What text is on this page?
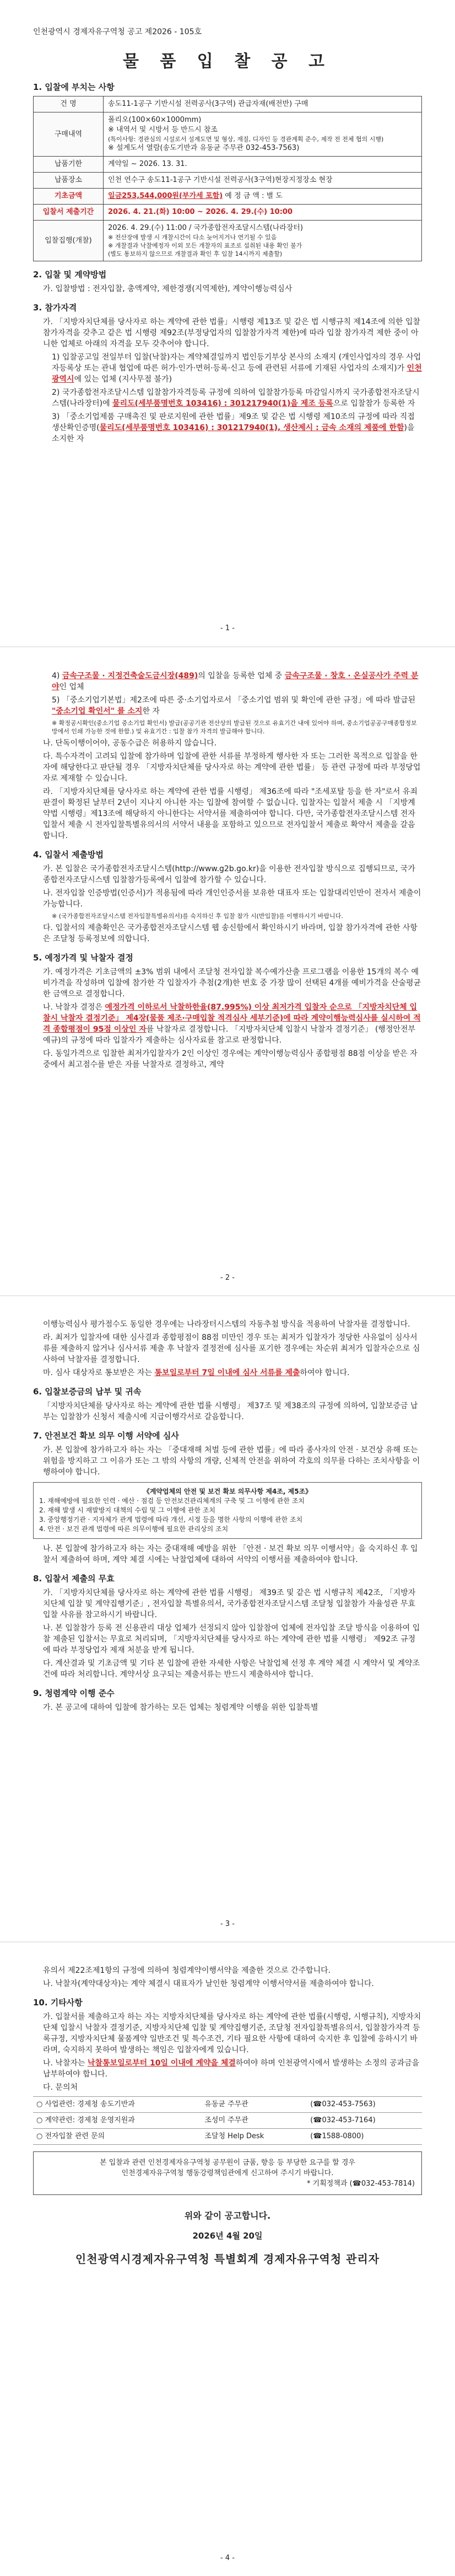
인천광역시 경제자유구역청 공고 제2026 - 105호
물 품 입 찰 공 고
1. 입찰에 부치는 사항
건 명	송도11-1공구 기반시설 전력공사(3구역) 관급자재(배전반) 구매
구매내역	폴리오(100×60×1000mm)
※ 내역서 및 시방서 등 반드시 참조
(특이사항: 경관심의 시설로서 설계도면 및 형상, 재질, 디자인 등 경관계획 준수, 제작 전 전체 협의 시행)
※ 설계도서 열람(송도기반과 유동균 주무관 032-453-7563)

납품기한	계약일 ~ 2026. 13. 31.
납품장소	인천 연수구 송도11-1공구 기반시설 전력공사(3구역)현장지정장소 현장
기초금액	일금253,544,000원(부가세 포함) 예 정 금 액 : 별 도
입찰서 제출기간	2026. 4. 21.(화) 10:00 ~ 2026. 4. 29.(수) 10:00
입찰집행(개찰)	2026. 4. 29.(수) 11:00 / 국가종합전자조달시스템(나라장터)
※ 전산장애 발생 시 개찰시간이 다소 늦어지거나 연기될 수 있음
※ 개찰결과 낙찰예정자 이외 모든 개찰자의 표조로 섭취된 내용 확인 불가
(별도 통보하지 않으므로 개찰결과 확인 후 입찰 14시까지 제출할)
2. 입찰 및 계약방법

가. 입찰방법 : 전자입찰, 총액계약, 제한경쟁(지역제한), 계약이행능력심사

3. 참가자격

가. 「지방자치단체를 당사자로 하는 계약에 관한 법률」시행령 제13조 및 같은 법 시행규칙 제14조에 의한 입찰참가자격을 갖추고 같은 법 시행령 제92조(부정당업자의 입찰참가자격 제한)에 따라 입찰 참가자격 제한 중이 아니한 업체로 아래의 자격을 모두 갖추어야 합니다.

1) 입찰공고일 전일부터 입찰(낙찰)자는 계약체결일까지 법인등기부상 본사의 소재지 (개인사업자의 경우 사업자등록상 또는 관내 협업에 따른 허가·인가·면허·등록·신고 등에 관련된 서류에 기재된 사업자의 소재지)가 인천광역시에 있는 업체 (지사무점 불가)

2) 국가종합전자조달시스템 입찰참가자격등록 규정에 의하여 입찰참가등록 마감일시까지 국가종합전자조달시스템(나라장터)에 물리도(세부품명번호 103416) : 301217940(1)을 제조 등록으로 입찰참가 등록한 자

3) 「중소기업제품 구매촉진 및 판로지원에 관한 법률」제9조 및 같은 법 시행령 제10조의 규정에 따라 직접생산확인증명(물리도(세부품명번호 103416) : 301217940(1), 생산제시 : 금속 소재의 제품에 한함)을 소지한 자

- 1 -

4) 금속구조물 · 지정건축술도금시장(489)의 입찰을 등록한 업체 중 금속구조물 · 창호 · 온실공사가 주력 분야인 업체

5) 「중소기업기본법」제2조에 따른 중·소기업자로서 「중소기업 범위 및 확인에 관한 규정」에 따라 발급된 "중소기업 확인서" 를 소지한 자

※ 확정공시확인(중소기업 중소기업 확인서) 발급(공공기관 전산상의 발급된 것으로 유효기간 내에 있어야 하며, 중소기업공공구매종합정보망에서 인쇄 가능한 것에 한함.) 및 유효기간 : 입찰 참가 자격의 발급해야 합니다.

나. 단독이행이어야, 공동수급은 허용하지 않습니다.

다. 특수자격이 고려되 입찰에 참가하며 입찰에 관한 서류를 부정하게 행사한 자 또는 그러한 목적으로 입찰을 한 자에 해당한다고 판단될 경우 「지방자치단체를 당사자로 하는 계약에 관한 법률」 등 관련 규정에 따라 부정당업자로 제재할 수 있습니다.

라. 「지방자치단체를 당사자로 하는 계약에 관한 법률 시행령」 제36조에 따라 "조세포탈 등을 한 자"로서 유죄판결이 확정된 날부터 2년이 지나지 아니한 자는 입찰에 참여할 수 없습니다. 입찰자는 입찰서 제출 시 「지방계약법 시행령」제13조에 해당하지 아니한다는 서약서를 제출하여야 합니다. 다만, 국가종합전자조달시스템 전자 입찰서 제출 시 전자입찰특별유의서의 서약서 내용을 포함하고 있으므로 전자입찰서 제출로 확약서 제출을 갈음합니다.

4. 입찰서 제출방법

가. 본 입찰은 국가종합전자조달시스템(http://www.g2b.go.kr)을 이용한 전자입찰 방식으로 집행되므로, 국가종합전자조달시스템 입찰참가등록에서 입찰에 참가할 수 있습니다.

나. 전자입찰 인증방법(인증서)가 적용됨에 따라 개인인증서를 보유한 대표자 또는 입찰대리인만이 전자서 제출이 가능합니다.

※ (국가종합전자조달시스템 전자입찰특별유의서)를 숙지하신 후 입찰 참가 시(반입찰)를 이행하시기 바랍니다.

다. 입찰서의 제출확인은 국가종합전자조달시스템 웹 송신함에서 확인하시기 바라며, 입찰 참가자격에 관한 사항은 조달청 등록정보에 의합니다.

5. 예정가격 및 낙찰자 결정

가. 예정가격은 기초금액의 ±3% 범위 내에서 조달청 전자입찰 복수예가산출 프로그램을 이용한 15개의 복수 예비가격을 작성하며 입찰에 참가한 각 입찰자가 추첨(2개)한 번호 중 가장 많이 선택된 4개를 예비가격을 산술평균한 금액으로 결정합니다.

나. 낙찰자 결정은 예정가격 이하로서 낙찰하한율(87.995%) 이상 최저가격 입찰자 순으로 「지방자치단체 입찰시 낙찰자 결정기준」 제4장(물품 제조·구매입찰 적격심사 세부기준)에 따라 계약이행능력심사를 실시하여 적격 종합평점이 95점 이상인 자를 낙찰자로 결정합니다. 「지방자치단체 입찰시 낙찰자 결정기준」 (행정안전부예규)의 규정에 따라 입찰자가 제출하는 심사자료를 참고로 판정합니다.

다. 동일가격으로 입찰한 최저가입찰자가 2인 이상인 경우에는 계약이행능력심사 종합평점 88점 이상을 받은 자 중에서 최고점수를 받은 자를 낙찰자로 결정하고, 계약

- 2 -

이행능력심사 평가점수도 동일한 경우에는 나라장터시스템의 자동추첨 방식을 적용하여 낙찰자를 결정합니다.

라. 최저가 입찰자에 대한 심사결과 종합평점이 88점 미만인 경우 또는 최저가 입찰자가 정당한 사유없이 심사서류를 제출하지 않거나 심사서류 제출 후 낙찰자 결정전에 심사를 포기한 경우에는 차순위 최저가 입찰자순으로 심사하여 낙찰자를 결정합니다.

마. 심사 대상자로 통보받은 자는 통보일로부터 7일 이내에 심사 서류를 제출하여야 합니다.

6. 입찰보증금의 납부 및 귀속

「지방자치단체를 당사자로 하는 계약에 관한 법률 시행령」 제37조 및 제38조의 규정에 의하여, 입찰보증금 납부는 입찰참가 신청서 제출시에 지급이행각서로 갈음합니다.

7. 안전보건 확보 의무 이행 서약에 심사

가. 본 입찰에 참가하고자 하는 자는 「중대재해 처벌 등에 관한 법률」에 따라 종사자의 안전 · 보건상 유해 또는 위험을 방지하고 그 이유가 또는 그 밖의 사항의 개량, 신체적 안전을 위하여 각호의 의무를 다하는 조치사항을 이행하여야 합니다.

《계약업체의 안전 및 보건 확보 의무사항 제4조, 제5조》
1. 재해예방에 필요한 인력 · 예산 · 점검 등 안전보건관리체계의 구축 및 그 이행에 관한 조치
2. 재해 발생 시 재발방지 대책의 수립 및 그 이행에 관한 조치
3. 중앙행정기관 · 지자체가 관계 법령에 따라 개선, 시정 등을 명한 사항의 이행에 관한 조치
4. 안전 · 보건 관계 법령에 따른 의무이행에 필요한 관리상의 조치

나. 본 입찰에 참가하고자 하는 자는 중대재해 예방을 위한 「안전 · 보건 확보 의무 이행서약」을 숙지하신 후 입찰서 제출하여 하며, 계약 체결 시에는 낙찰업체에 대하여 서약의 이행서를 제출하여야 합니다.

8. 입찰서 제출의 무효

가. 「지방자치단체를 당사자로 하는 계약에 관한 법률 시행령」 제39조 및 같은 법 시행규칙 제42조, 「지방자치단체 입찰 및 계약집행기준」, 전자입찰 특별유의서, 국가종합전자조달시스템 조달청 입찰참가 자율성관 무효입찰 사유를 참고하시기 바랍니다.

나. 본 입찰참가 등록 전 신용관리 대상 업체가 선정되지 않아 입찰참여 업체에 전자입찰 조달 방식을 이용하여 입찰 제출된 입찰서는 무효로 처리되며, 「지방자치단체를 당사자로 하는 계약에 관한 법률 시행령」 제92조 규정에 따라 부정당업자 제재 처분을 받게 됩니다.

다. 계산결과 및 기초금액 및 기타 본 입찰에 관한 자세한 사항은 낙찰업체 선정 후 계약 체결 시 계약서 및 계약조건에 따라 처리합니다. 계약서상 요구되는 제출서류는 반드시 제출하셔야 합니다.

9. 청렴계약 이행 준수

가. 본 공고에 대하여 입찰에 참가하는 모든 업체는 청렴계약 이행을 위한 입찰특별

- 3 -

유의서 제22조제1항의 규정에 의하여 청렴계약이행서약을 제출한 것으로 간주합니다.

나. 낙찰자(계약대상자)는 계약 체결시 대표자가 날인한 청렴계약 이행서약서를 제출하여야 합니다.

10. 기타사항

가. 입찰서를 제출하고자 하는 자는 지방자치단체를 당사자로 하는 계약에 관한 법률(시행령, 시행규칙), 지방자치단체 입찰시 낙찰자 결정기준, 지방자치단체 입찰 및 계약집행기준, 조달청 전자입찰특별유의서, 입찰참가자격 등록규정, 지방자치단체 물품계약 일반조건 및 특수조건, 기타 필요한 사항에 대하여 숙지한 후 입찰에 응하시기 바라며, 숙지하지 못하여 발생하는 책임은 입찰자에게 있습니다.

나. 낙찰자는 낙찰통보일로부터 10일 이내에 계약을 체결하여야 하며 인천광역시에서 발생하는 소정의 공과금을 납부하여야 합니다.

다. 문의처

○ 사업관련: 경제청 송도기반과	유동균 주무관	(☎032-453-7563)
○ 계약관련: 경제청 운영지원과	조성미 주무관	(☎032-453-7164)
○ 전자입찰 관련 문의	조달청 Help Desk	(☎1588-0800)
본 입찰과 관련 인천경제자유구역청 공무원이 금품, 향응 등 부당한 요구를 할 경우
인천경제자유구역청 행동강령책임관에게 신고하여 주시기 바랍니다.
* 기획정책과 (☎032-453-7814)
위와 같이 공고합니다.
2026년 4월 20일
인천광역시경제자유구역청 특별회계 경제자유구역청 관리자
- 4 -
